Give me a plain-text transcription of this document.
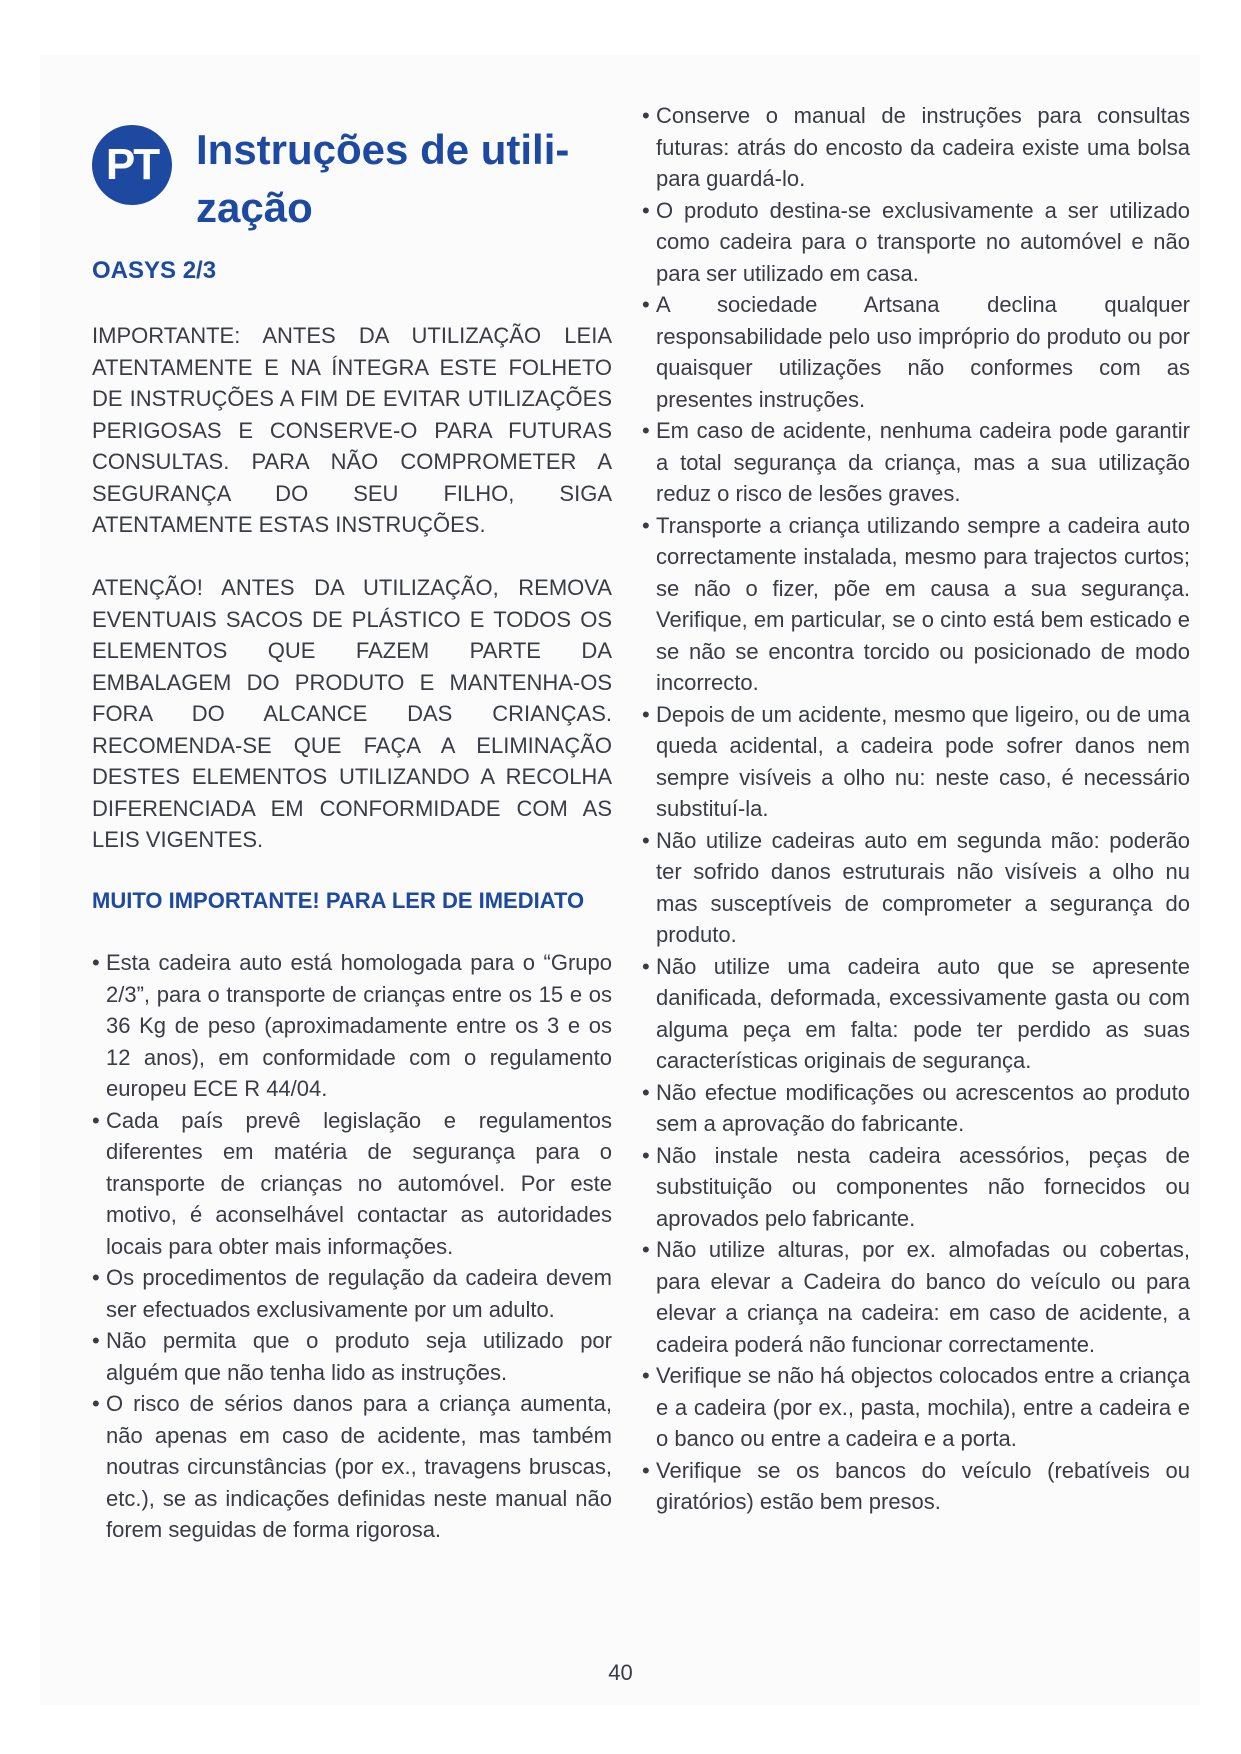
PT Instruções de utili-zação
OASYS 2/3

IMPORTANTE: ANTES DA UTILIZAÇÃO LEIA ATENTAMENTE E NA ÍNTEGRA ESTE FOLHETO DE INSTRUÇÕES A FIM DE EVITAR UTILIZAÇÕES PERIGOSAS E CONSERVE-O PARA FUTURAS CONSULTAS. PARA NÃO COMPROMETER A SEGURANÇA DO SEU FILHO, SIGA ATENTAMENTE ESTAS INSTRUÇÕES.

ATENÇÃO! ANTES DA UTILIZAÇÃO, REMOVA EVENTUAIS SACOS DE PLÁSTICO E TODOS OS ELEMENTOS QUE FAZEM PARTE DA EMBALAGEM DO PRODUTO E MANTENHA-OS FORA DO ALCANCE DAS CRIANÇAS. RECOMENDA-SE QUE FAÇA A ELIMINAÇÃO DESTES ELEMENTOS UTILIZANDO A RECOLHA DIFERENCIADA EM CONFORMIDADE COM AS LEIS VIGENTES.

MUITO IMPORTANTE! PARA LER DE IMEDIATO
• Esta cadeira auto está homologada para o “Grupo 2/3”, para o transporte de crianças entre os 15 e os 36 Kg de peso (aproximadamente entre os 3 e os 12 anos), em conformidade com o regulamento europeu ECE R 44/04.
• Cada país prevê legislação e regulamentos diferentes em matéria de segurança para o transporte de crianças no automóvel. Por este motivo, é aconselhável contactar as autoridades locais para obter mais informações.
• Os procedimentos de regulação da cadeira devem ser efectuados exclusivamente por um adulto.
• Não permita que o produto seja utilizado por alguém que não tenha lido as instruções.
• O risco de sérios danos para a criança aumenta, não apenas em caso de acidente, mas também noutras circunstâncias (por ex., travagens bruscas, etc.), se as indicações definidas neste manual não forem seguidas de forma rigorosa.
• Conserve o manual de instruções para consultas futuras: atrás do encosto da cadeira existe uma bolsa para guardá-lo.
• O produto destina-se exclusivamente a ser utilizado como cadeira para o transporte no automóvel e não para ser utilizado em casa.
• A sociedade Artsana declina qualquer responsabilidade pelo uso impróprio do produto ou por quaisquer utilizações não conformes com as presentes instruções.
• Em caso de acidente, nenhuma cadeira pode garantir a total segurança da criança, mas a sua utilização reduz o risco de lesões graves.
• Transporte a criança utilizando sempre a cadeira auto correctamente instalada, mesmo para trajectos curtos; se não o fizer, põe em causa a sua segurança. Verifique, em particular, se o cinto está bem esticado e se não se encontra torcido ou posicionado de modo incorrecto.
• Depois de um acidente, mesmo que ligeiro, ou de uma queda acidental, a cadeira pode sofrer danos nem sempre visíveis a olho nu: neste caso, é necessário substituí-la.
• Não utilize cadeiras auto em segunda mão: poderão ter sofrido danos estruturais não visíveis a olho nu mas susceptíveis de comprometer a segurança do produto.
• Não utilize uma cadeira auto que se apresente danificada, deformada, excessivamente gasta ou com alguma peça em falta: pode ter perdido as suas características originais de segurança.
• Não efectue modificações ou acrescentos ao produto sem a aprovação do fabricante.
• Não instale nesta cadeira acessórios, peças de substituição ou componentes não fornecidos ou aprovados pelo fabricante.
• Não utilize alturas, por ex. almofadas ou cobertas, para elevar a Cadeira do banco do veículo ou para elevar a criança na cadeira: em caso de acidente, a cadeira poderá não funcionar correctamente.
• Verifique se não há objectos colocados entre a criança e a cadeira (por ex., pasta, mochila), entre a cadeira e o banco ou entre a cadeira e a porta.
• Verifique se os bancos do veículo (rebatíveis ou giratórios) estão bem presos.
40
